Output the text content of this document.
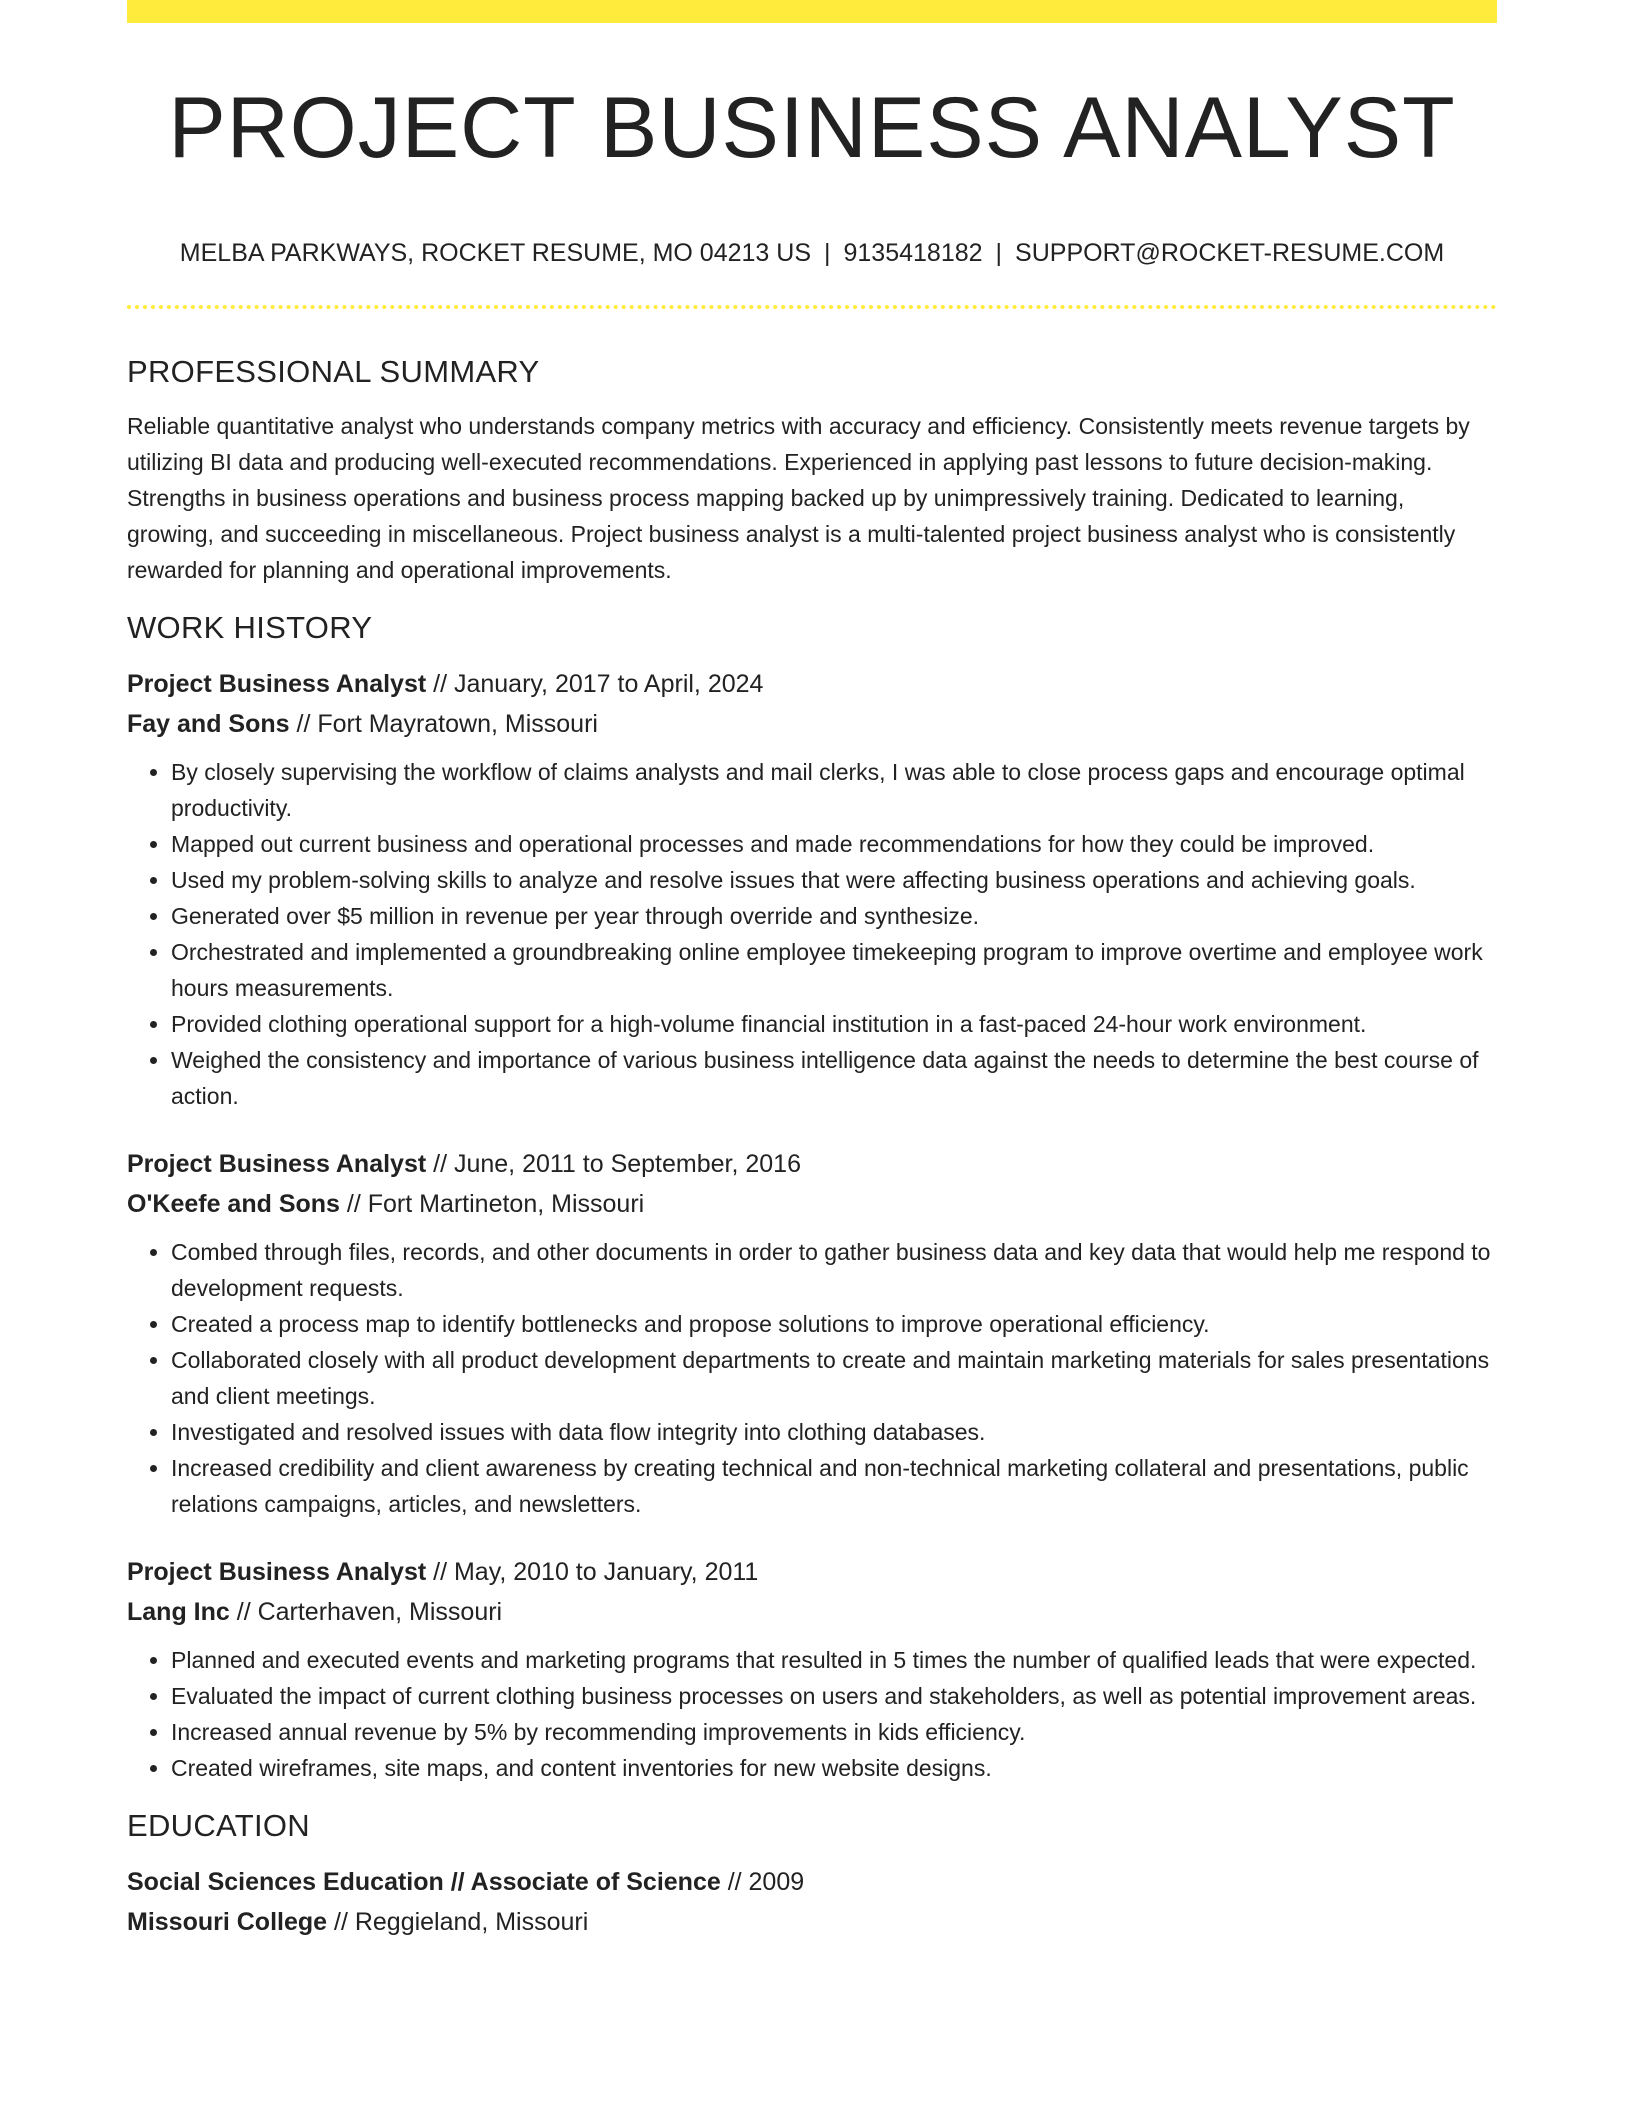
PROJECT BUSINESS ANALYST
MELBA PARKWAYS, ROCKET RESUME, MO 04213 US | 9135418182 | SUPPORT@ROCKET-RESUME.COM
PROFESSIONAL SUMMARY

Reliable quantitative analyst who understands company metrics with accuracy and efficiency. Consistently meets revenue targets by utilizing BI data and producing well-executed recommendations. Experienced in applying past lessons to future decision-making. Strengths in business operations and business process mapping backed up by unimpressively training. Dedicated to learning, growing, and succeeding in miscellaneous. Project business analyst is a multi-talented project business analyst who is consistently rewarded for planning and operational improvements.

WORK HISTORY

Project Business Analyst // January, 2017 to April, 2024

Fay and Sons // Fort Mayratown, Missouri

• By closely supervising the workflow of claims analysts and mail clerks, I was able to close process gaps and encourage optimal productivity.
• Mapped out current business and operational processes and made recommendations for how they could be improved.
• Used my problem-solving skills to analyze and resolve issues that were affecting business operations and achieving goals.
• Generated over $5 million in revenue per year through override and synthesize.
• Orchestrated and implemented a groundbreaking online employee timekeeping program to improve overtime and employee work hours measurements.
• Provided clothing operational support for a high-volume financial institution in a fast-paced 24-hour work environment.
• Weighed the consistency and importance of various business intelligence data against the needs to determine the best course of action.

Project Business Analyst // June, 2011 to September, 2016

O'Keefe and Sons // Fort Martineton, Missouri

• Combed through files, records, and other documents in order to gather business data and key data that would help me respond to development requests.
• Created a process map to identify bottlenecks and propose solutions to improve operational efficiency.
• Collaborated closely with all product development departments to create and maintain marketing materials for sales presentations and client meetings.
• Investigated and resolved issues with data flow integrity into clothing databases.
• Increased credibility and client awareness by creating technical and non-technical marketing collateral and presentations, public relations campaigns, articles, and newsletters.

Project Business Analyst // May, 2010 to January, 2011

Lang Inc // Carterhaven, Missouri

• Planned and executed events and marketing programs that resulted in 5 times the number of qualified leads that were expected.
• Evaluated the impact of current clothing business processes on users and stakeholders, as well as potential improvement areas.
• Increased annual revenue by 5% by recommending improvements in kids efficiency.
• Created wireframes, site maps, and content inventories for new website designs.
EDUCATION

Social Sciences Education // Associate of Science // 2009

Missouri College // Reggieland, Missouri
